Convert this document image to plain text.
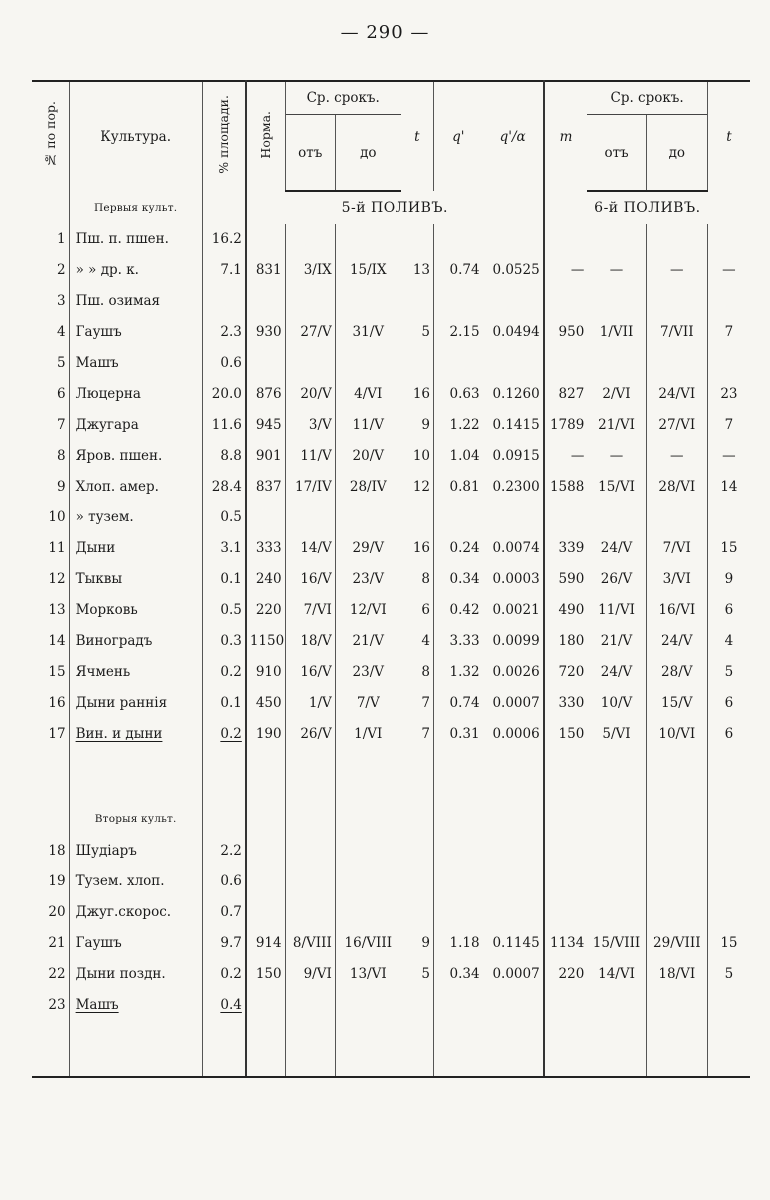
— 290 —
№ по пор.	Культура.	% площади.	Норма.	Ср. срокъ.		t	q'	q'/α	m	Ср. срокъ.		t
				отъ	до					отъ	до	
	Первыя культ.		5-й ПОЛИВЪ.						6-й ПОЛИВЪ.			
1	Пш. п. пшен.	16.2										
2	» » др. к.	7.1	831	3/IX	15/IX	13	0.74	0.0525	—	—	—	—
3	Пш. озимая											
4	Гаушъ	2.3	930	27/V	31/V	5	2.15	0.0494	950	1/VII	7/VII	7
5	Машъ	0.6										
6	Люцерна	20.0	876	20/V	4/VI	16	0.63	0.1260	827	2/VI	24/VI	23
7	Джугара	11.6	945	3/V	11/V	9	1.22	0.1415	1789	21/VI	27/VI	7
8	Яров. пшен.	8.8	901	11/V	20/V	10	1.04	0.0915	—	—	—	—
9	Хлоп. амер.	28.4	837	17/IV	28/IV	12	0.81	0.2300	1588	15/VI	28/VI	14
10	» тузем.	0.5										
11	Дыни	3.1	333	14/V	29/V	16	0.24	0.0074	339	24/V	7/VI	15
12	Тыквы	0.1	240	16/V	23/V	8	0.34	0.0003	590	26/V	3/VI	9
13	Морковь	0.5	220	7/VI	12/VI	6	0.42	0.0021	490	11/VI	16/VI	6
14	Виноградъ	0.3	1150	18/V	21/V	4	3.33	0.0099	180	21/V	24/V	4
15	Ячмень	0.2	910	16/V	23/V	8	1.32	0.0026	720	24/V	28/V	5
16	Дыни раннія	0.1	450	1/V	7/V	7	0.74	0.0007	330	10/V	15/V	6
17	Вин. и дыни	0.2	190	26/V	1/VI	7	0.31	0.0006	150	5/VI	10/VI	6

	Вторыя культ.											
18	Шудіаръ	2.2										
19	Тузем. хлоп.	0.6										
20	Джуг.скорос.	0.7										
21	Гаушъ	9.7	914	8/VIII	16/VIII	9	1.18	0.1145	1134	15/VIII	29/VIII	15
22	Дыни поздн.	0.2	150	9/VI	13/VI	5	0.34	0.0007	220	14/VI	18/VI	5
23	Машъ	0.4										
